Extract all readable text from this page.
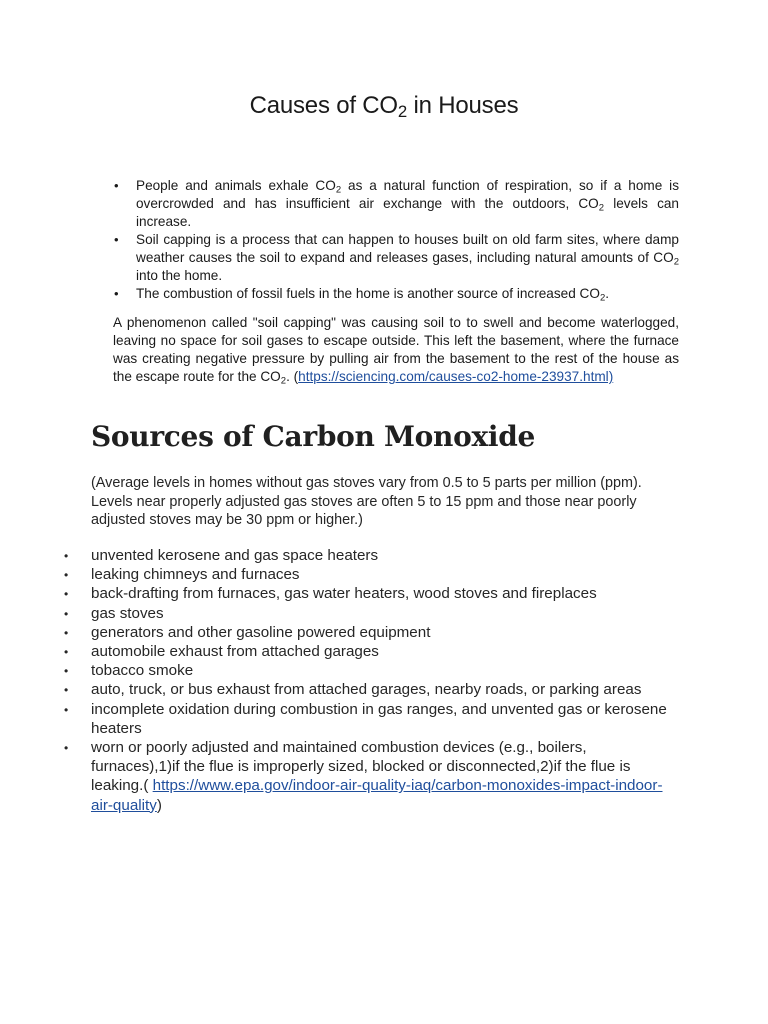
Causes of $CO_2$ in Houses
• People and animals exhale $CO_2$ as a natural function of respiration, so if a home is overcrowded and has insufficient air exchange with the outdoors, $CO_2$ levels can increase.
• Soil capping is a process that can happen to houses built on old farm sites, where damp weather causes the soil to expand and releases gases, including natural amounts of $CO_2$ into the home.
• The combustion of fossil fuels in the home is another source of increased $CO_2$.

A phenomenon called "soil capping" was causing soil to to swell and become waterlogged, leaving no space for soil gases to escape outside. This left the basement, where the furnace was creating negative pressure by pulling air from the basement to the rest of the house as the escape route for the $CO_2$. (https://sciencing.com/causes-co2-home-23937.html)

Sources of Carbon Monoxide

(Average levels in homes without gas stoves vary from 0.5 to 5 parts per million (ppm). Levels near properly adjusted gas stoves are often 5 to 15 ppm and those near poorly adjusted stoves may be 30 ppm or higher.)

• unvented kerosene and gas space heaters
• leaking chimneys and furnaces
• back-drafting from furnaces, gas water heaters, wood stoves and fireplaces
• gas stoves
• generators and other gasoline powered equipment
• automobile exhaust from attached garages
• tobacco smoke
• auto, truck, or bus exhaust from attached garages, nearby roads, or parking areas
• incomplete oxidation during combustion in gas ranges, and unvented gas or kerosene heaters
• worn or poorly adjusted and maintained combustion devices (e.g., boilers, furnaces),1)if the flue is improperly sized, blocked or disconnected,2)if the flue is leaking.( https://www.epa.gov/indoor-air-quality-iaq/carbon-monoxides-impact-indoor-air-quality)
